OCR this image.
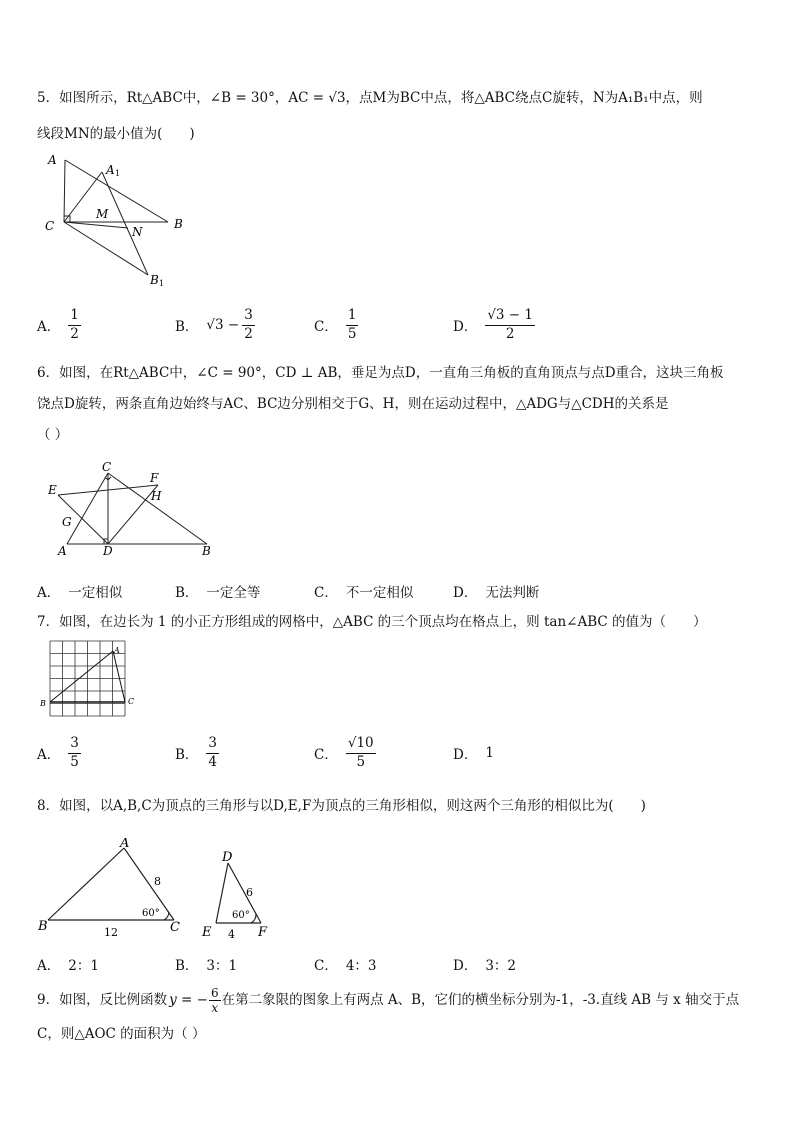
5．如图所示，Rt△ABC中，∠B = 30°，AC = √3，点M为BC中点，将△ABC绕点C旋转，N为A₁B₁中点，则
线段MN的最小值为(　　)
A
A 1
C
M
N
B
B 1
A． $\frac{1}{2}$	B． $√3 - \frac{3}{2}$	C． $\frac{1}{5}$	D． $\frac{√3 - 1}{2}$
6．如图，在Rt△ABC中，∠C = 90°，CD ⊥ AB，垂足为点D，一直角三角板的直角顶点与点D重合，这块三角板
饶点D旋转，两条直角边始终与AC、BC边分别相交于G、H，则在运动过程中，△ADG与△CDH的关系是
（ ）
C
F
E	H
G
A	D	B
A． 一定相似	B． 一定全等	C． 不一定相似	D． 无法判断
7．如图，在边长为 1 的小正方形组成的网格中，△ABC 的三个顶点均在格点上，则 tan∠ABC 的值为（　　）
A
B	C
A． $\frac{3}{5}$	B． $\frac{3}{4}$	C． $\frac{√10}{5}$	D． 1
8．如图，以A,B,C为顶点的三角形与以D,E,F为顶点的三角形相似，则这两个三角形的相似比为(　　)
A
B	C
8
12
60°
D
E	F
6
4
60°
A． 2：1	B． 3：1	C． 4：3	D． 3：2
9．如图，反比例函数 y = − $\frac{6}{x}$ 在第二象限的图象上有两点 A、B，它们的横坐标分别为-1，-3.直线 AB 与 x 轴交于点
C，则△AOC 的面积为（ ）
